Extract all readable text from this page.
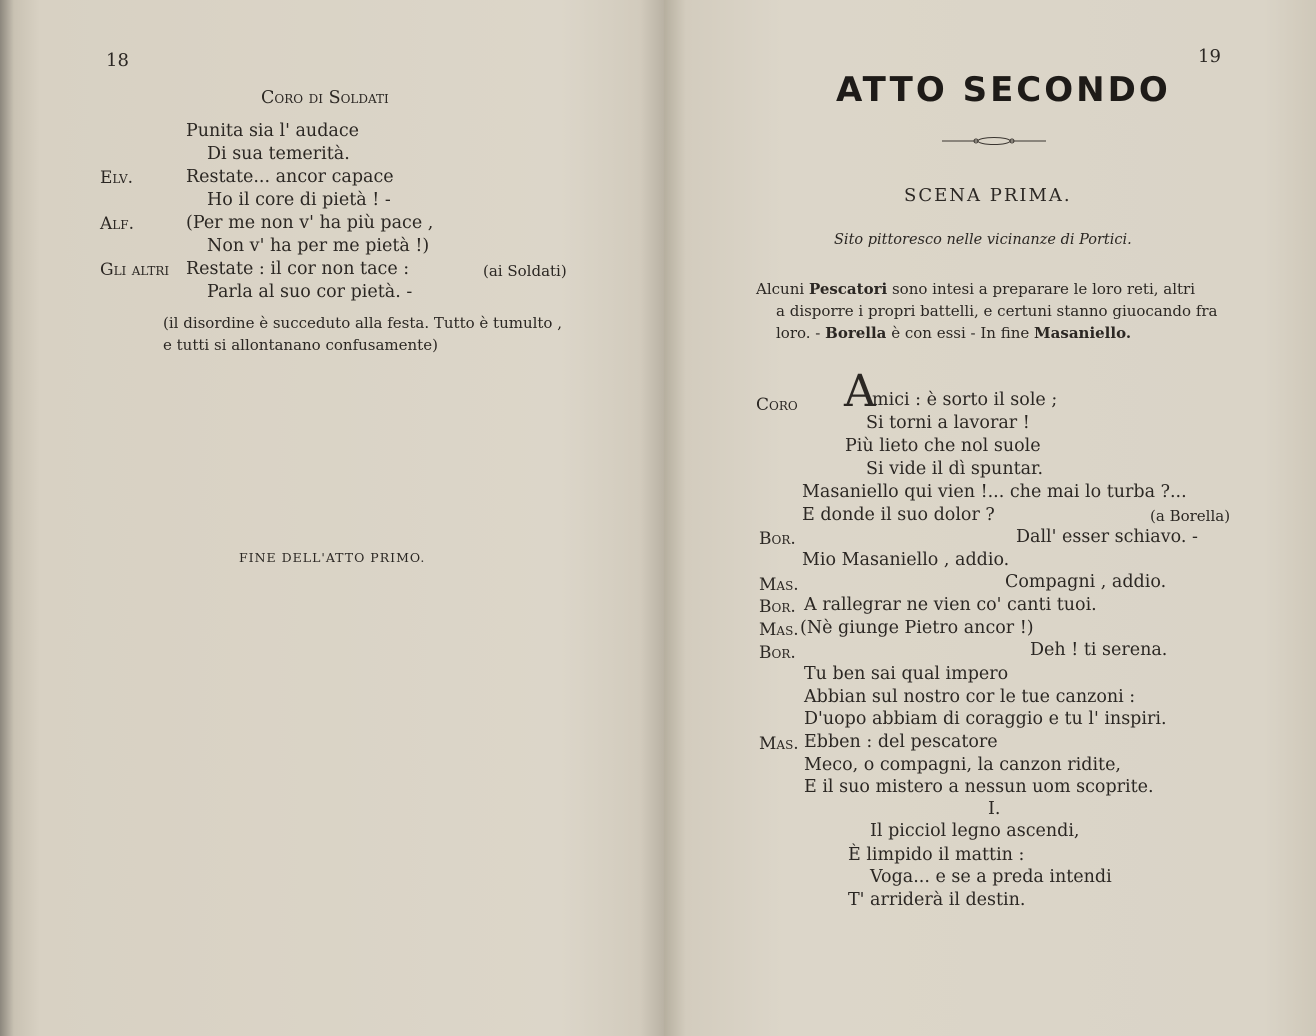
18
Coro di Soldati
Punita sia l' audace
Di sua temerità.
Elv.	Restate... ancor capace
Ho il core di pietà ! -
Alf.	(Per me non v' ha più pace ,
Non v' ha per me pietà !)
Gli altri Restate : il cor non tace :	(ai Soldati)
Parla al suo cor pietà. -
(il disordine è succeduto alla festa. Tutto è tumulto ,
e tutti si allontanano confusamente)
FINE DELL'ATTO PRIMO.
19
ATTO SECONDO
SCENA PRIMA.
Sito pittoresco nelle vicinanze di Portici.
Alcuni Pescatori sono intesi a preparare le loro reti, altri
a disporre i propri battelli, e certuni stanno giuocando fra
loro. - Borella è con essi - In fine Masaniello.
Coro A
mici : è sorto il sole ;
Si torni a lavorar !
Più lieto che nol suole
Si vide il dì spuntar.
Masaniello qui vien !... che mai lo turba ?...
E donde il suo dolor ?	(a Borella)
Bor.	Dall' esser schiavo. -
Mio Masaniello , addio.
Mas.	Compagni , addio.
Bor. A rallegrar ne vien co' canti tuoi.
Mas. (Nè giunge Pietro ancor !)
Bor.	Deh ! ti serena.
Tu ben sai qual impero
Abbian sul nostro cor le tue canzoni :
D'uopo abbiam di coraggio e tu l' inspiri.
Mas. Ebben : del pescatore
Meco, o compagni, la canzon ridite,
E il suo mistero a nessun uom scoprite.
I.
Il picciol legno ascendi,
È limpido il mattin :
Voga... e se a preda intendi
T' arriderà il destin.
